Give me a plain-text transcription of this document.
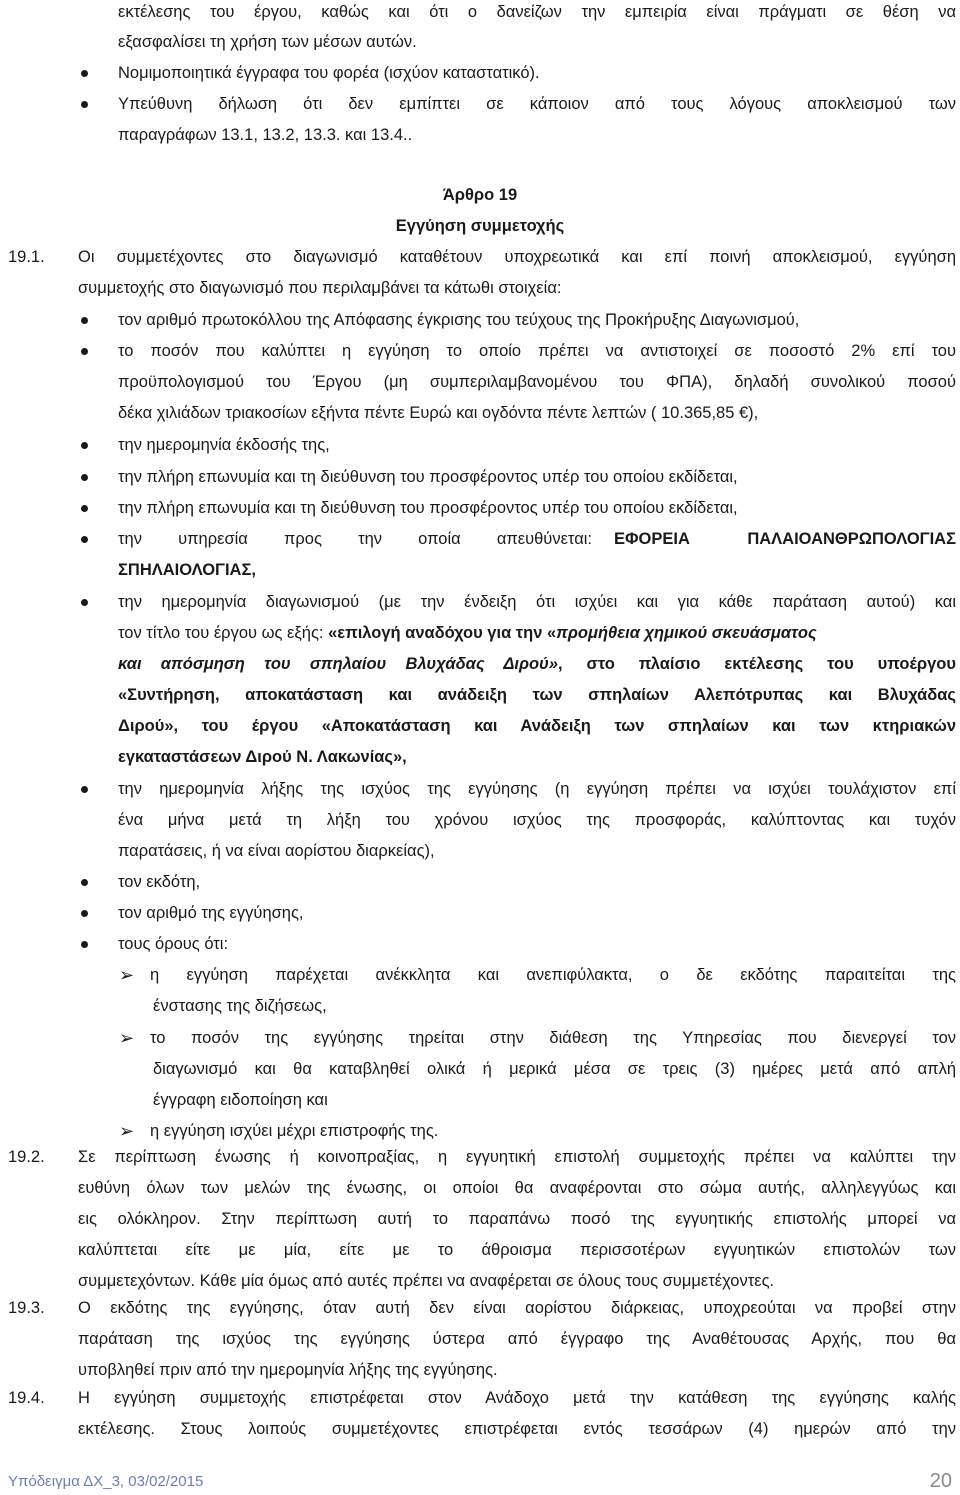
εκτέλεσης του έργου, καθώς και ότι ο δανείζων την εμπειρία είναι πράγματι σε θέση να
εξασφαλίσει τη χρήση των μέσων αυτών.
Νομιμοποιητικά έγγραφα του φορέα (ισχύον καταστατικό).
Υπεύθυνη δήλωση ότι δεν εμπίπτει σε κάποιον από τους λόγους αποκλεισμού των
παραγράφων 13.1, 13.2, 13.3. και 13.4..
Άρθρο 19
Εγγύηση συμμετοχής
19.1. Οι συμμετέχοντες στο διαγωνισμό καταθέτουν υποχρεωτικά και επί ποινή αποκλεισμού, εγγύηση
συμμετοχής στο διαγωνισμό που περιλαμβάνει τα κάτωθι στοιχεία:
τον αριθμό πρωτοκόλλου της Απόφασης έγκρισης του τεύχους της Προκήρυξης Διαγωνισμού,
το ποσόν που καλύπτει η εγγύηση το οποίο πρέπει να αντιστοιχεί σε ποσοστό 2% επί του
προϋπολογισμού του Έργου (μη συμπεριλαμβανομένου του ΦΠΑ), δηλαδή συνολικού ποσού
δέκα χιλιάδων τριακοσίων εξήντα πέντε Ευρώ και ογδόντα πέντε λεπτών ( 10.365,85 €),
την ημερομηνία έκδοσής της,
την πλήρη επωνυμία και τη διεύθυνση του προσφέροντος υπέρ του οποίου εκδίδεται,
την πλήρη επωνυμία και τη διεύθυνση του προσφέροντος υπέρ του οποίου εκδίδεται,
την υπηρεσία προς την οποία απευθύνεται:	ΕΦΟΡΕΙΑ ΠΑΛΑΙΟΑΝΘΡΩΠΟΛΟΓΙΑΣ
ΣΠΗΛΑΙΟΛΟΓΙΑΣ,
την ημερομηνία διαγωνισμού (με την ένδειξη ότι ισχύει και για κάθε παράταση αυτού) και
τον τίτλο του έργου ως εξής: «επιλογή αναδόχου για την «προμήθεια χημικού σκευάσματος
και απόσμηση του σπηλαίου Βλυχάδας Διρού» , στο πλαίσιο εκτέλεσης του υποέργου
«Συντήρηση, αποκατάσταση και ανάδειξη των σπηλαίων Αλεπότρυπας και Βλυχάδας
Διρού», του έργου «Αποκατάσταση και Ανάδειξη των σπηλαίων και των κτηριακών
εγκαταστάσεων Διρού Ν. Λακωνίας»,
την ημερομηνία λήξης της ισχύος της εγγύησης (η εγγύηση πρέπει να ισχύει τουλάχιστον επί
ένα μήνα μετά τη λήξη του χρόνου ισχύος της προσφοράς, καλύπτοντας και τυχόν
παρατάσεις, ή να είναι αορίστου διαρκείας),
τον εκδότη,
τον αριθμό της εγγύησης,
τους όρους ότι:
➢ η εγγύηση παρέχεται ανέκκλητα και ανεπιφύλακτα, ο δε εκδότης παραιτείται της
ένστασης της διζήσεως,
➢ το ποσόν της εγγύησης τηρείται στην διάθεση της Υπηρεσίας που διενεργεί τον
διαγωνισμό και θα καταβληθεί ολικά ή μερικά μέσα σε τρεις (3) ημέρες μετά από απλή
έγγραφη ειδοποίηση και
➢ η εγγύηση ισχύει μέχρι επιστροφής της.
19.2. Σε περίπτωση ένωσης ή κοινοπραξίας, η εγγυητική επιστολή συμμετοχής πρέπει να καλύπτει την
ευθύνη όλων των μελών της ένωσης, οι οποίοι θα αναφέρονται στο σώμα αυτής, αλληλεγγύως και
εις ολόκληρον. Στην περίπτωση αυτή το παραπάνω ποσό της εγγυητικής επιστολής μπορεί να
καλύπτεται είτε με μία, είτε με το άθροισμα περισσοτέρων εγγυητικών επιστολών των
συμμετεχόντων. Κάθε μία όμως από αυτές πρέπει να αναφέρεται σε όλους τους συμμετέχοντες.
19.3. Ο εκδότης της εγγύησης, όταν αυτή δεν είναι αορίστου διάρκειας, υποχρεούται να προβεί στην
παράταση της ισχύος της εγγύησης ύστερα από έγγραφο της Αναθέτουσας Αρχής, που θα
υποβληθεί πριν από την ημερομηνία λήξης της εγγύησης.
19.4. Η εγγύηση συμμετοχής επιστρέφεται στον Ανάδοχο μετά την κατάθεση της εγγύησης καλής
εκτέλεσης. Στους λοιπούς συμμετέχοντες επιστρέφεται εντός τεσσάρων (4) ημερών από την
Υπόδειγμα ΔΧ_3, 03/02/2015	20
